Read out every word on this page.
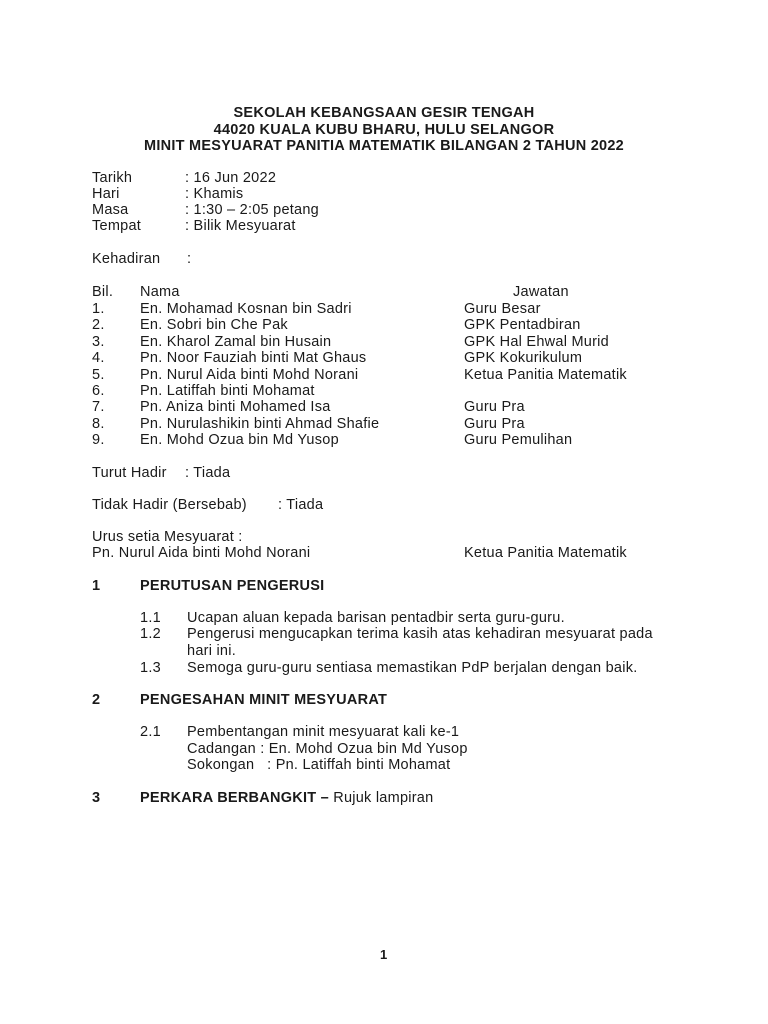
SEKOLAH KEBANGSAAN GESIR TENGAH
44020 KUALA KUBU BHARU, HULU SELANGOR
MINIT MESYUARAT PANITIA MATEMATIK BILANGAN 2 TAHUN 2022
Tarikh	: 16 Jun 2022
Hari	: Khamis
Masa	: 1:30 – 2:05 petang
Tempat	: Bilik Mesyuarat
Kehadiran :
Bil. Nama	Jawatan
1. En. Mohamad Kosnan bin Sadri	Guru Besar
2. En. Sobri bin Che Pak	GPK Pentadbiran
3. En. Kharol Zamal bin Husain	GPK Hal Ehwal Murid
4. Pn. Noor Fauziah binti Mat Ghaus	GPK Kokurikulum
5. Pn. Nurul Aida binti Mohd Norani	Ketua Panitia Matematik
6. Pn. Latiffah binti Mohamat
7. Pn. Aniza binti Mohamed Isa	Guru Pra
8. Pn. Nurulashikin binti Ahmad Shafie	Guru Pra
9. En. Mohd Ozua bin Md Yusop	Guru Pemulihan
Turut Hadir : Tiada
Tidak Hadir (Bersebab) : Tiada
Urus setia Mesyuarat :
Pn. Nurul Aida binti Mohd Norani	Ketua Panitia Matematik
1	PERUTUSAN PENGERUSI
1.1 Ucapan aluan kepada barisan pentadbir serta guru-guru.
1.2 Pengerusi mengucapkan terima kasih atas kehadiran mesyuarat pada
hari ini.
1.3 Semoga guru-guru sentiasa memastikan PdP berjalan dengan baik.
2	PENGESAHAN MINIT MESYUARAT
2.1 Pembentangan minit mesyuarat kali ke-1
Cadangan : En. Mohd Ozua bin Md Yusop
Sokongan   : Pn. Latiffah binti Mohamat
3	PERKARA BERBANGKIT – Rujuk lampiran
1
